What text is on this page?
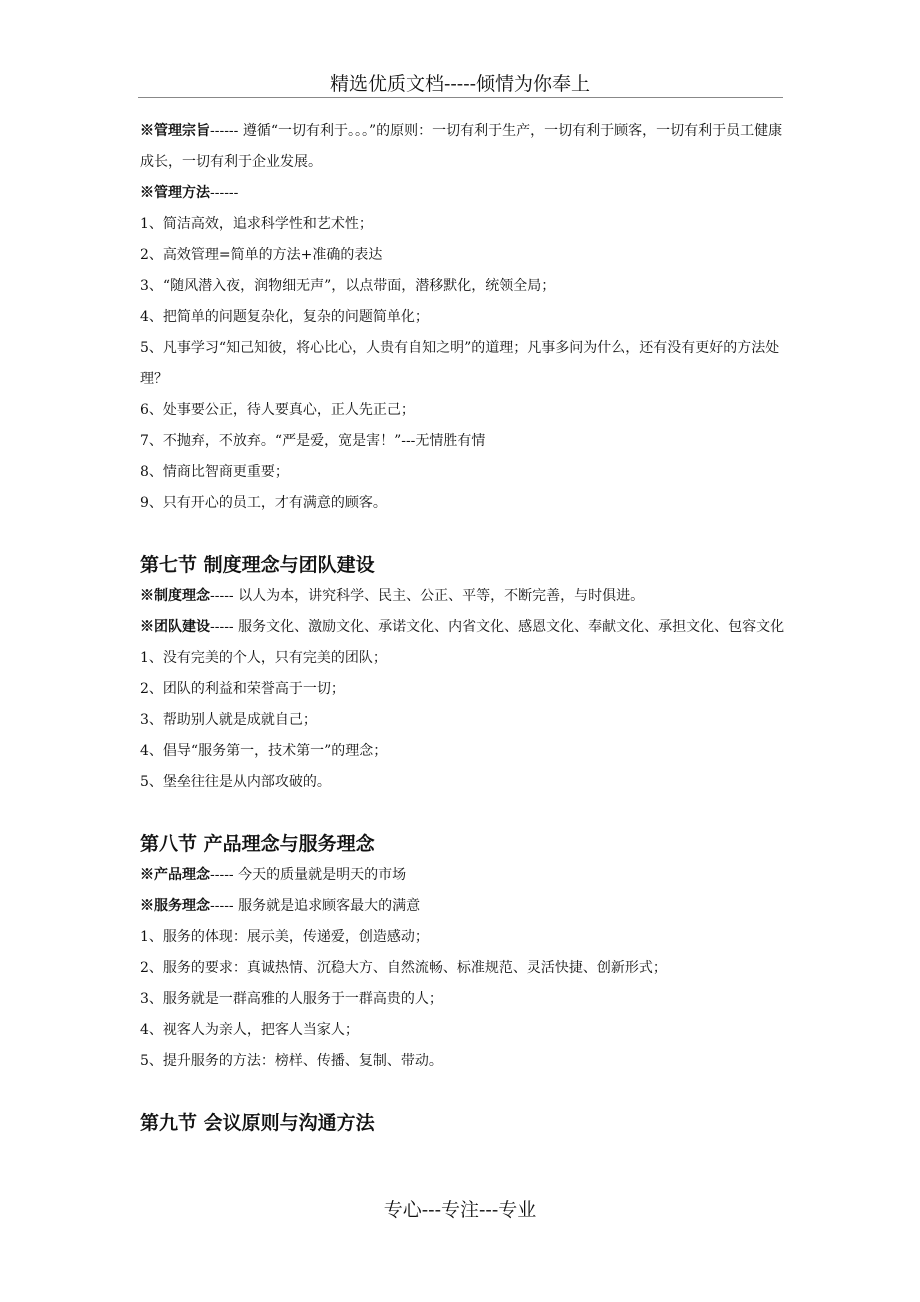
精选优质文档-----倾情为你奉上

※管理宗旨------ 遵循“一切有利于。。。”的原则：一切有利于生产，一切有利于顾客，一切有利于员工健康成长，一切有利于企业发展。

※管理方法------

1、简洁高效，追求科学性和艺术性；

2、高效管理=简单的方法+准确的表达

3、“随风潜入夜，润物细无声”，以点带面，潜移默化，统领全局；

4、把简单的问题复杂化，复杂的问题简单化；

5、凡事学习“知己知彼，将心比心，人贵有自知之明”的道理；凡事多问为什么，还有没有更好的方法处理？

6、处事要公正，待人要真心，正人先正己；

7、不抛弃，不放弃。“严是爱，宽是害！”---无情胜有情

8、情商比智商更重要；

9、只有开心的员工，才有满意的顾客。

第七节 制度理念与团队建设

※制度理念----- 以人为本，讲究科学、民主、公正、平等，不断完善，与时俱进。

※团队建设----- 服务文化、激励文化、承诺文化、内省文化、感恩文化、奉献文化、承担文化、包容文化

1、没有完美的个人，只有完美的团队；

2、团队的利益和荣誉高于一切；

3、帮助别人就是成就自己；

4、倡导“服务第一，技术第一”的理念；

5、堡垒往往是从内部攻破的。

第八节 产品理念与服务理念

※产品理念----- 今天的质量就是明天的市场

※服务理念----- 服务就是追求顾客最大的满意

1、服务的体现：展示美，传递爱，创造感动；

2、服务的要求：真诚热情、沉稳大方、自然流畅、标准规范、灵活快捷、创新形式；

3、服务就是一群高雅的人服务于一群高贵的人；

4、视客人为亲人，把客人当家人；

5、提升服务的方法：榜样、传播、复制、带动。

第九节 会议原则与沟通方法
专心---专注---专业
